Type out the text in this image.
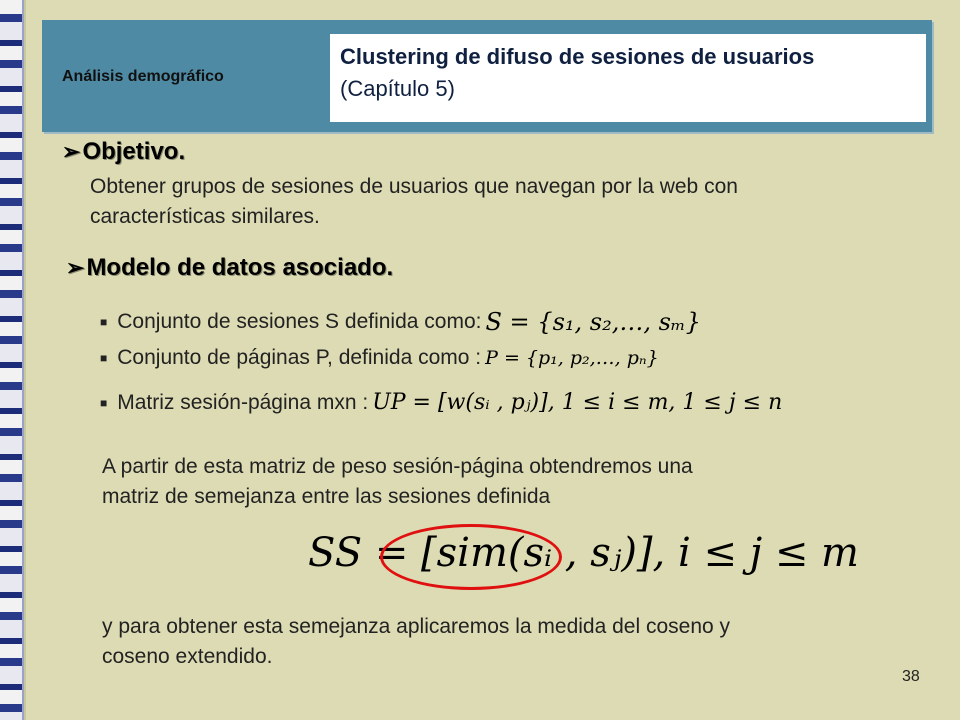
Análisis demográfico
Clustering de difuso de sesiones de usuarios
(Capítulo 5)
➢Objetivo.
Obtener grupos de sesiones de usuarios que navegan por la web con
características similares.
➢Modelo de datos asociado.
■ Conjunto de sesiones S definida como: S = {s₁, s₂,…, sₘ}
■ Conjunto de páginas P, definida como : P = {p₁, p₂,…, pₙ}
■ Matriz sesión-página mxn : UP = [w(sᵢ , pⱼ)], 1 ≤ i ≤ m, 1 ≤ j ≤ n
A partir de esta matriz de peso sesión-página obtendremos una
matriz de semejanza entre las sesiones definida
SS = [sim(sᵢ , sⱼ)], i ≤ j ≤ m
y para obtener esta semejanza aplicaremos la medida del coseno y
coseno extendido.
38
